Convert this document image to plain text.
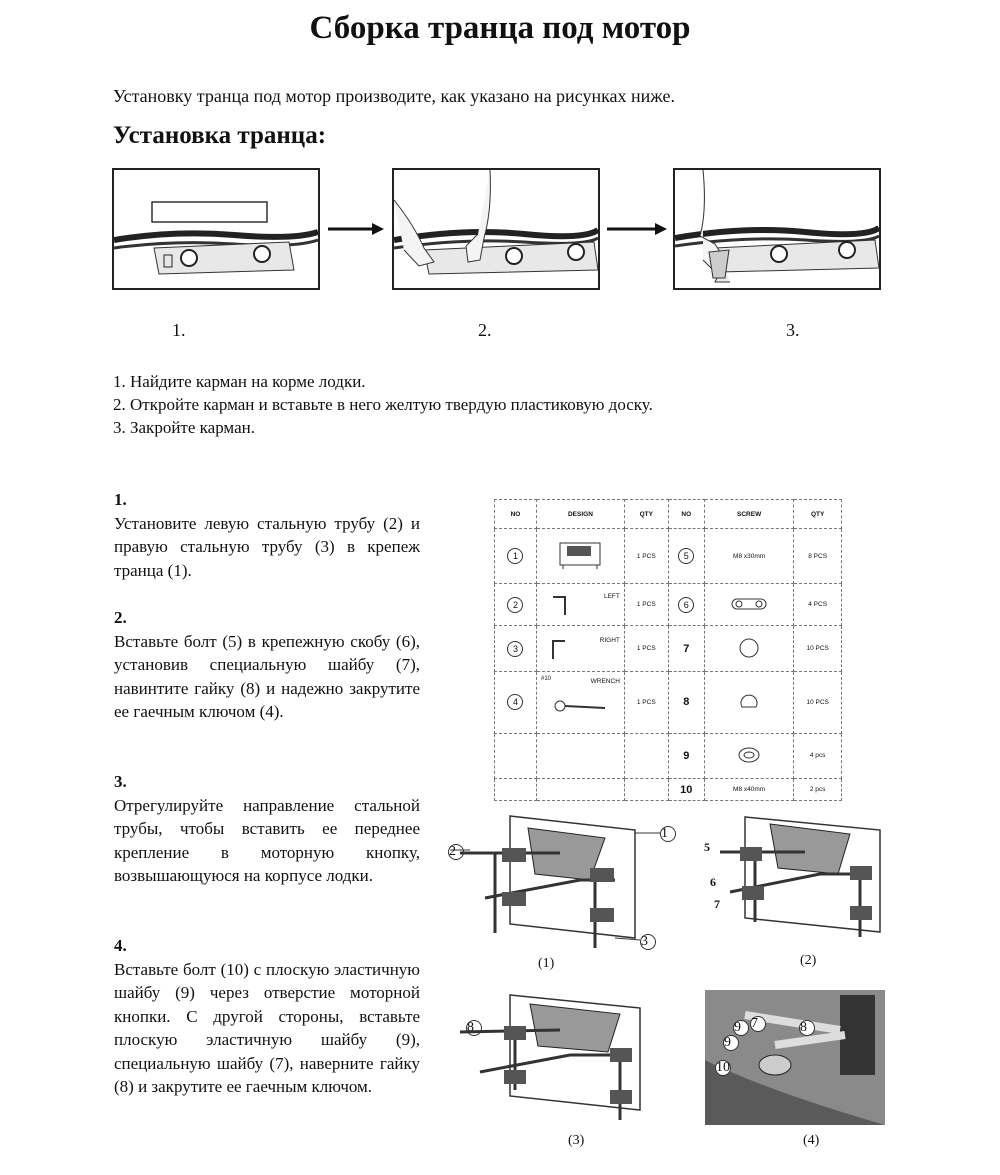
Сборка транца под мотор
Установку транца под мотор производите, как указано на рисунках ниже.
Установка транца:
1.	2.	3.
1. Найдите карман на корме лодки.
2. Откройте карман и вставьте в него желтую твердую пластиковую доску.
3. Закройте карман.
1.
Установите левую стальную трубу (2) и правую стальную трубу (3) в крепеж транца (1).
2.
Вставьте болт (5) в крепежную скобу (6), установив специальную шайбу (7), навинтите гайку (8) и надежно закрутите ее гаечным ключом (4).
3.
Отрегулируйте направление стальной трубы, чтобы вставить ее переднее крепление в моторную кнопку, возвышающуюся на корпусе лодки.
4.
Вставьте болт (10) с плоскую эластичную шайбу (9) через отверстие моторной кнопки. С другой стороны, вставьте плоскую эластичную шайбу (9), специальную шайбу (7), наверните гайку (8) и закрутите ее гаечным ключом.
NO	DESIGN	QTY	NO	SCREW	QTY
1		1 PCS	5	M8 x30mm	8 PCS
2	LEFT	1 PCS	6		4 PCS
3	RIGHT	1 PCS	7		10 PCS
4	#10 WRENCH	1 PCS	8		10 PCS
			9		4 pcs
			10	M8 x40mm	2 pcs
2
1
3
(1)
5
6
7
(2)
8
(3)
9 7	8
9
10
(4)
